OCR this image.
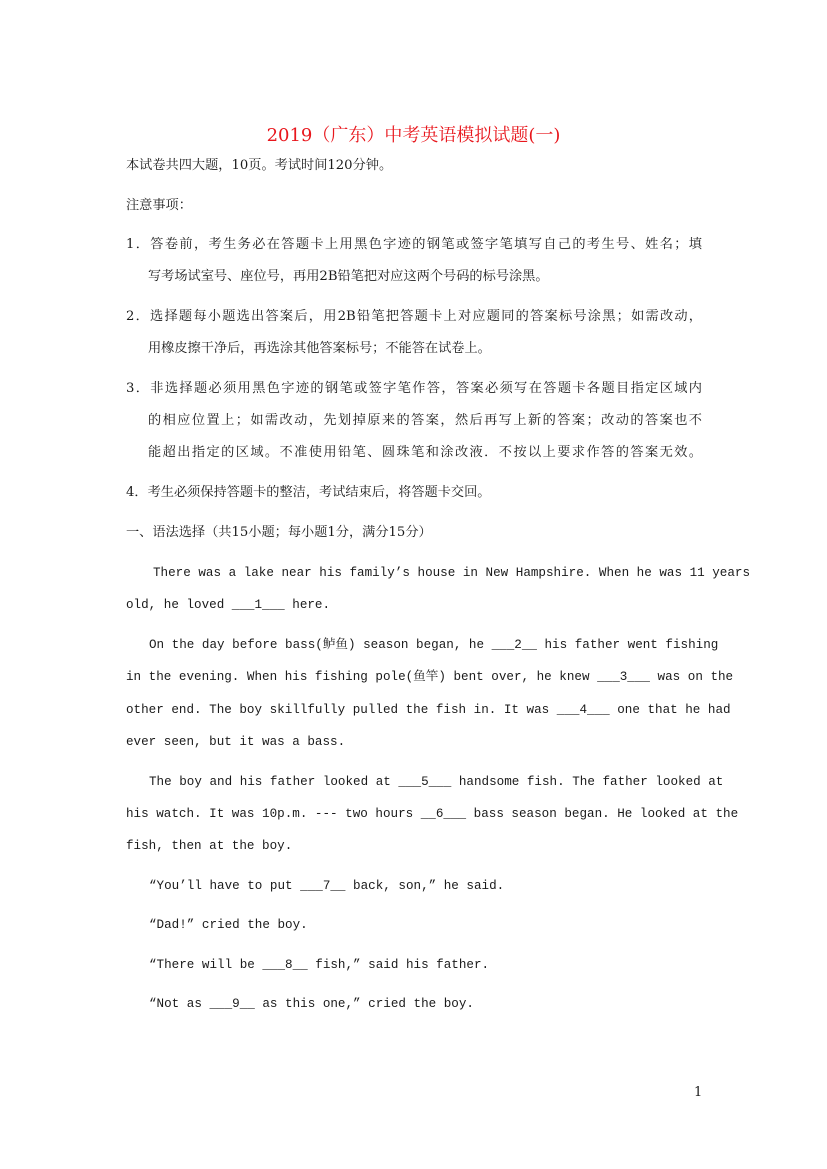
2019（广东）中考英语模拟试题(一)
本试卷共四大题，10页。考试时间120分钟。
注意事项：
1．答卷前，考生务必在答题卡上用黑色字迹的钢笔或签字笔填写自己的考生号、姓名；填
写考场试室号、座位号，再用2B铅笔把对应这两个号码的标号涂黑。
2．选择题每小题选出答案后，用2B铅笔把答题卡上对应题同的答案标号涂黑；如需改动，
用橡皮擦干净后，再选涂其他答案标号；不能答在试卷上。
3．非选择题必须用黑色字迹的钢笔或签字笔作答，答案必须写在答题卡各题目指定区域内
的相应位置上；如需改动，先划掉原来的答案，然后再写上新的答案；改动的答案也不
能超出指定的区域。不准使用铅笔、圆珠笔和涂改液．不按以上要求作答的答案无效。
4．考生必须保持答题卡的整洁，考试结束后，将答题卡交回。
一、语法选择（共15小题；每小题1分，满分15分）
There was a lake near his family’s house in New Hampshire. When he was 11 years
old, he loved ___1___ here.
On the day before bass(鲈鱼) season began, he ___2__ his father went fishing
in the evening. When his fishing pole(鱼竿) bent over, he knew ___3___ was on the
other end. The boy skillfully pulled the fish in. It was ___4___ one that he had
ever seen, but it was a bass.
The boy and his father looked at ___5___ handsome fish. The father looked at
his watch. It was 10p.m. --- two hours __6___ bass season began. He looked at the
fish, then at the boy.
“You’ll have to put ___7__ back, son,” he said.
“Dad!” cried the boy.
“There will be ___8__ fish,” said his father.
“Not as ___9__ as this one,” cried the boy.
1
